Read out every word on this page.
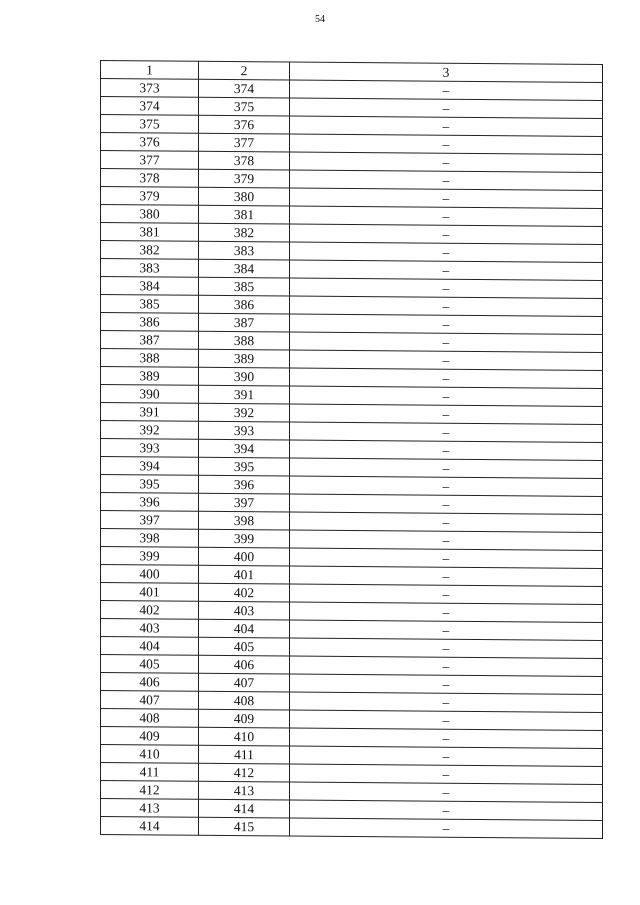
54
1	2	3
373	374	–
374	375	–
375	376	–
376	377	–
377	378	–
378	379	–
379	380	–
380	381	–
381	382	–
382	383	–
383	384	–
384	385	–
385	386	–
386	387	–
387	388	–
388	389	–
389	390	–
390	391	–
391	392	–
392	393	–
393	394	–
394	395	–
395	396	–
396	397	–
397	398	–
398	399	–
399	400	–
400	401	–
401	402	–
402	403	–
403	404	–
404	405	–
405	406	–
406	407	–
407	408	–
408	409	–
409	410	–
410	411	–
411	412	–
412	413	–
413	414	–
414	415	–
